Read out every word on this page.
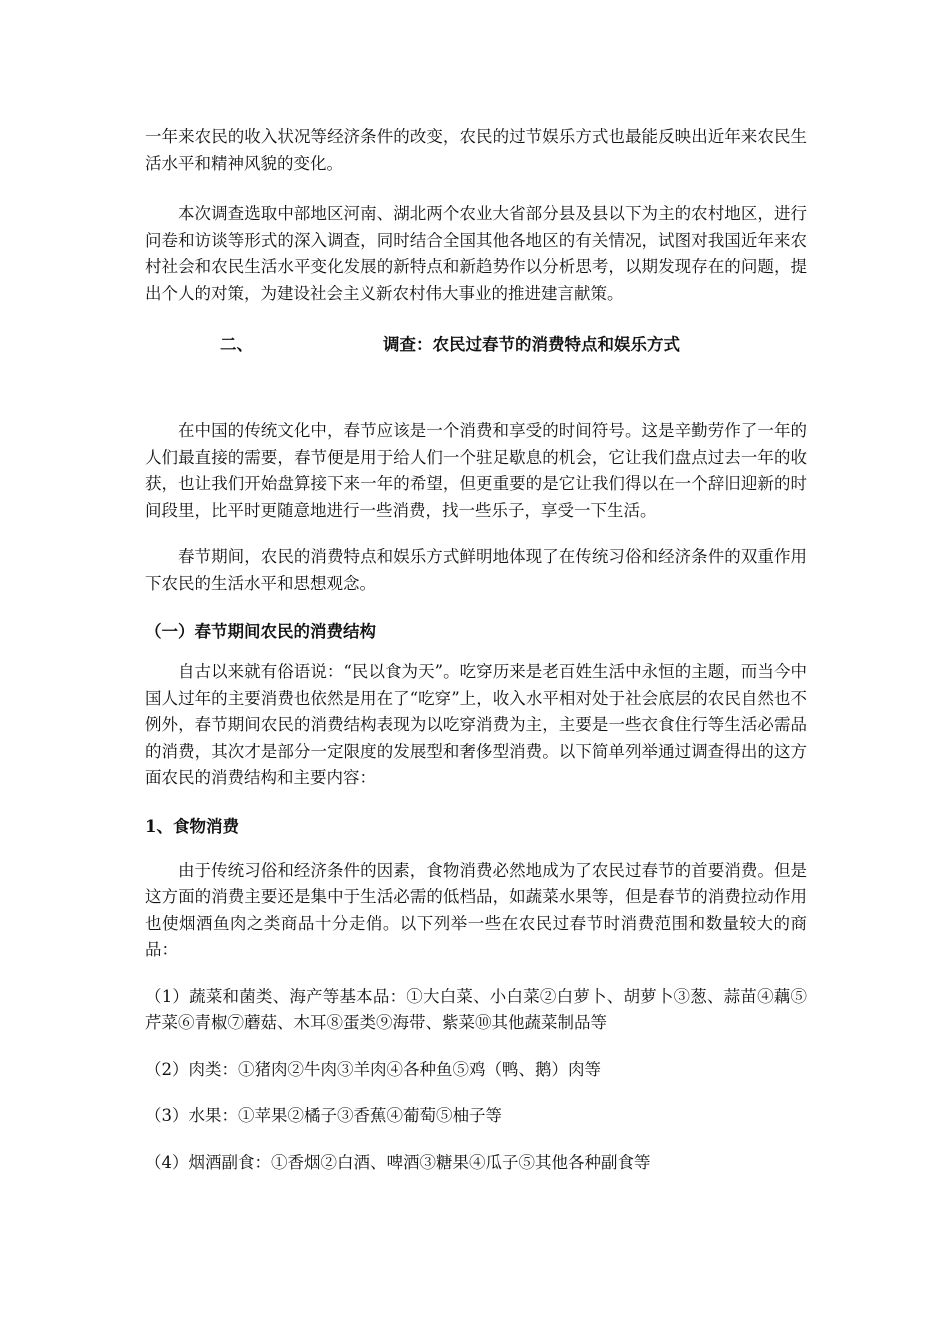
一年来农民的收入状况等经济条件的改变，农民的过节娱乐方式也最能反映出近年来农民生活水平和精神风貌的变化。

本次调查选取中部地区河南、湖北两个农业大省部分县及县以下为主的农村地区，进行问卷和访谈等形式的深入调查，同时结合全国其他各地区的有关情况，试图对我国近年来农村社会和农民生活水平变化发展的新特点和新趋势作以分析思考，以期发现存在的问题，提出个人的对策，为建设社会主义新农村伟大事业的推进建言献策。

二、	调查：农民过春节的消费特点和娱乐方式

在中国的传统文化中，春节应该是一个消费和享受的时间符号。这是辛勤劳作了一年的人们最直接的需要，春节便是用于给人们一个驻足歇息的机会，它让我们盘点过去一年的收获，也让我们开始盘算接下来一年的希望，但更重要的是它让我们得以在一个辞旧迎新的时间段里，比平时更随意地进行一些消费，找一些乐子，享受一下生活。

春节期间，农民的消费特点和娱乐方式鲜明地体现了在传统习俗和经济条件的双重作用下农民的生活水平和思想观念。

（一）春节期间农民的消费结构

自古以来就有俗语说：“民以食为天”。吃穿历来是老百姓生活中永恒的主题，而当今中国人过年的主要消费也依然是用在了“吃穿”上，收入水平相对处于社会底层的农民自然也不例外，春节期间农民的消费结构表现为以吃穿消费为主，主要是一些衣食住行等生活必需品的消费，其次才是部分一定限度的发展型和奢侈型消费。以下简单列举通过调查得出的这方面农民的消费结构和主要内容：

1、食物消费

由于传统习俗和经济条件的因素，食物消费必然地成为了农民过春节的首要消费。但是这方面的消费主要还是集中于生活必需的低档品，如蔬菜水果等，但是春节的消费拉动作用也使烟酒鱼肉之类商品十分走俏。以下列举一些在农民过春节时消费范围和数量较大的商品：

（1）蔬菜和菌类、海产等基本品：①大白菜、小白菜②白萝卜、胡萝卜③葱、蒜苗④藕⑤芹菜⑥青椒⑦蘑菇、木耳⑧蛋类⑨海带、紫菜⑩其他蔬菜制品等

（2）肉类：①猪肉②牛肉③羊肉④各种鱼⑤鸡（鸭、鹅）肉等

（3）水果：①苹果②橘子③香蕉④葡萄⑤柚子等

（4）烟酒副食：①香烟②白酒、啤酒③糖果④瓜子⑤其他各种副食等
